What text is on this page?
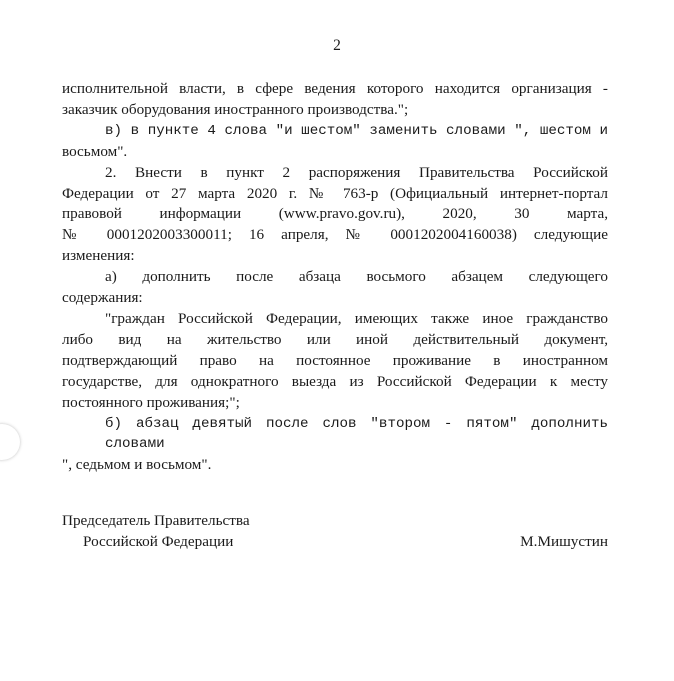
2
исполнительной власти, в сфере ведения которого находится организация -
заказчик оборудования иностранного производства.";
в) в пункте 4 слова "и шестом" заменить словами ", шестом и
восьмом".
2. Внести в пункт 2 распоряжения Правительства Российской
Федерации от 27 марта 2020 г. № 763-р (Официальный интернет-портал
правовой информации (www.pravo.gov.ru), 2020, 30 марта,
№ 0001202003300011; 16 апреля, № 0001202004160038) следующие
изменения:
а) дополнить после абзаца восьмого абзацем следующего
содержания:
"граждан Российской Федерации, имеющих также иное гражданство
либо вид на жительство или иной действительный документ,
подтверждающий право на постоянное проживание в иностранном
государстве, для однократного выезда из Российской Федерации к месту
постоянного проживания;";
б) абзац девятый после слов "втором - пятом" дополнить словами
", седьмом и восьмом".
Председатель Правительства
Российской Федерации	М.Мишустин
